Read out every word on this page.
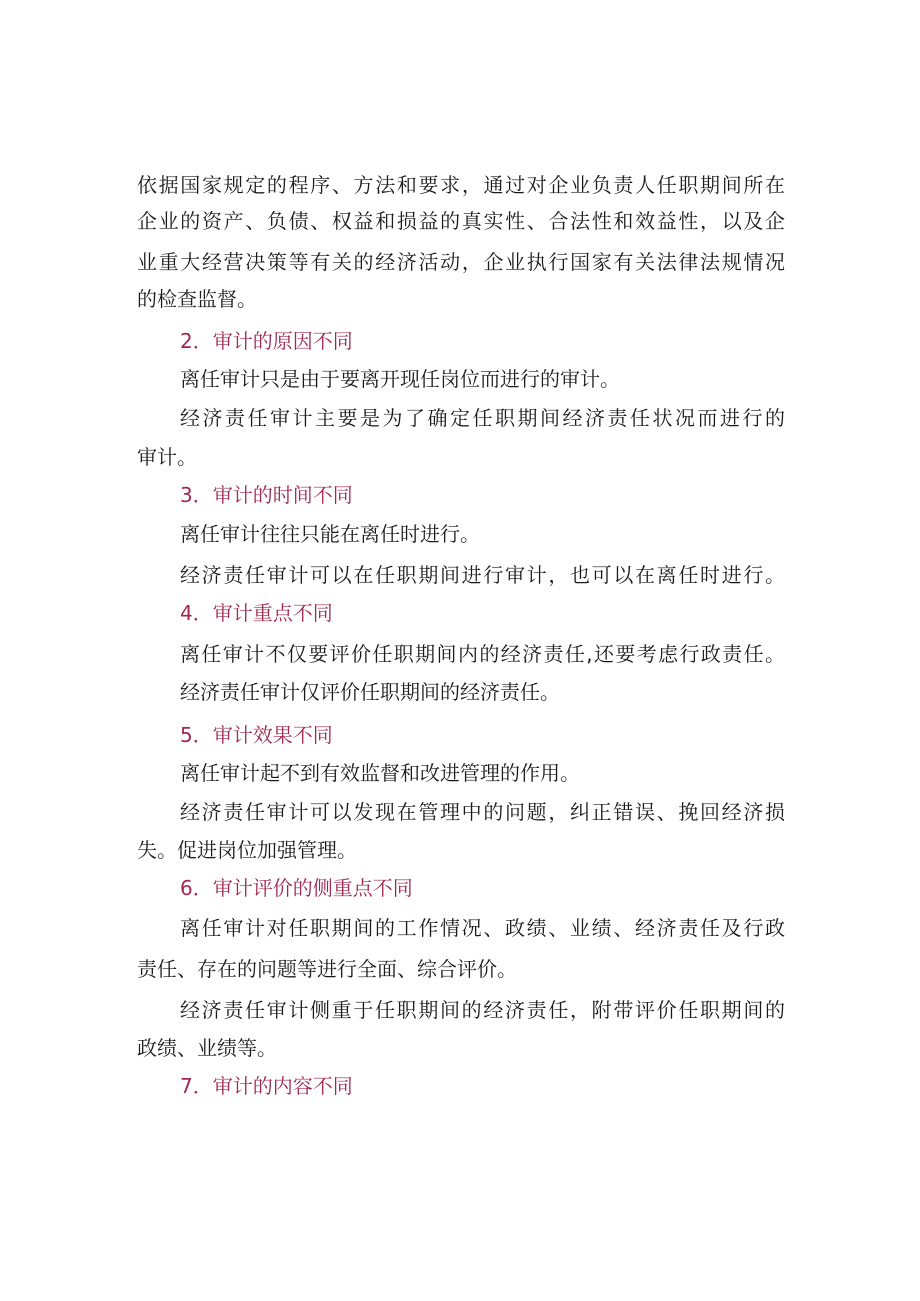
依据国家规定的程序、方法和要求，通过对企业负责人任职期间所在
企业的资产、负债、权益和损益的真实性、合法性和效益性，以及企
业重大经营决策等有关的经济活动，企业执行国家有关法律法规情况
的检查监督。
2．审计的原因不同
离任审计只是由于要离开现任岗位而进行的审计。
经济责任审计主要是为了确定任职期间经济责任状况而进行的
审计。
3．审计的时间不同
离任审计往往只能在离任时进行。
经济责任审计可以在任职期间进行审计，也可以在离任时进行。
4．审计重点不同
离任审计不仅要评价任职期间内的经济责任,还要考虑行政责任。
经济责任审计仅评价任职期间的经济责任。
5．审计效果不同
离任审计起不到有效监督和改进管理的作用。
经济责任审计可以发现在管理中的问题，纠正错误、挽回经济损
失。促进岗位加强管理。
6．审计评价的侧重点不同
离任审计对任职期间的工作情况、政绩、业绩、经济责任及行政
责任、存在的问题等进行全面、综合评价。
经济责任审计侧重于任职期间的经济责任，附带评价任职期间的
政绩、业绩等。
7．审计的内容不同
